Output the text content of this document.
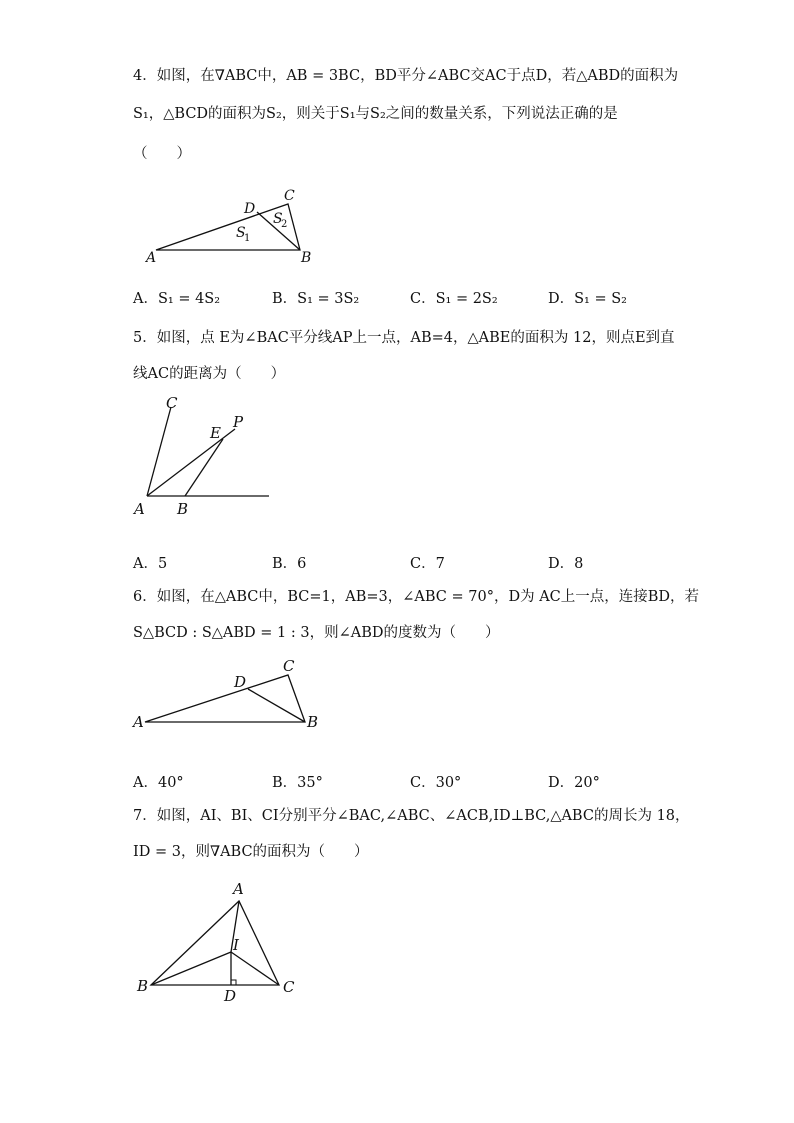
4．如图，在∇ABC中，AB = 3BC，BD平分∠ABC交AC于点D，若△ABD的面积为
S₁，△BCD的面积为S₂，则关于S₁与S₂之间的数量关系，下列说法正确的是
（　　）
A	B
C
D
S
1
S
2
A．S₁ = 4S₂	B．S₁ = 3S₂	C．S₁ = 2S₂	D．S₁ = S₂
5．如图，点 E为∠BAC平分线AP上一点，AB=4，△ABE的面积为 12，则点E到直
线AC的距离为（　　）
A B
C
E
P
A．5	B．6	C．7	D．8
6．如图，在△ABC中，BC=1，AB=3，∠ABC = 70°，D为 AC上一点，连接BD，若
S△BCD : S△ABD = 1 : 3，则∠ABD的度数为（　　）
A	B
C
D
A．40°	B．35°	C．30°	D．20°
7．如图，AI、BI、CI分别平分∠BAC,∠ABC、∠ACB,ID⊥BC,△ABC的周长为 18，
ID = 3，则∇ABC的面积为（　　）
A
B	C
D
I
